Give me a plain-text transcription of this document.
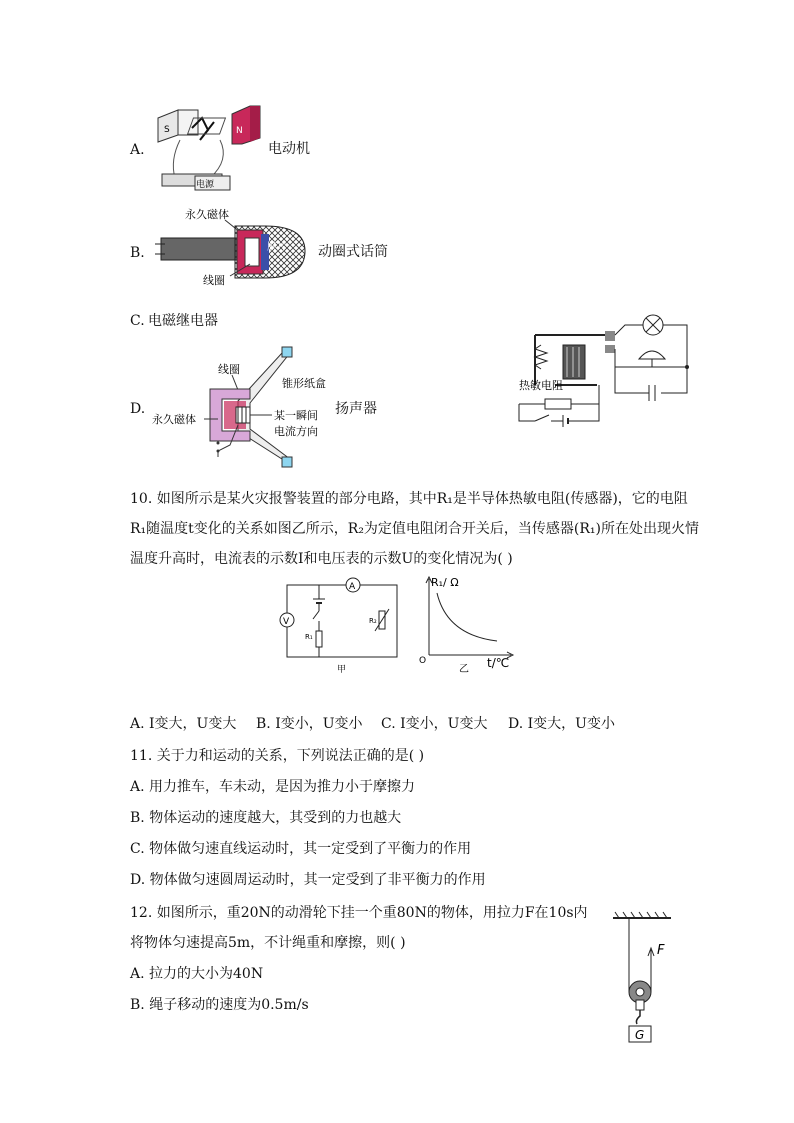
A.
S	N
电源
电动机
B.
永久磁体
膜片
线圈
动圈式话筒
C. 电磁继电器
热敏电阻
D.
线圈
锥形纸盒
永久磁体	某一瞬间
电流方向
扬声器
10. 如图所示是某火灾报警装置的部分电路，其中R₁是半导体热敏电阻(传感器)，它的电阻
R₁随温度t变化的关系如图乙所示，R₂为定值电阻闭合开关后，当传感器(R₁)所在处出现火情
温度升高时，电流表的示数I和电压表的示数U的变化情况为( )
A
V
R₁
R₂
甲
R₁/ Ω
O	t/℃
乙
A. I变大，U变大 B. I变小，U变小 C. I变小，U变大 D. I变大，U变小
11. 关于力和运动的关系，下列说法正确的是( )
A. 用力推车，车未动，是因为推力小于摩擦力
B. 物体运动的速度越大，其受到的力也越大
C. 物体做匀速直线运动时，其一定受到了平衡力的作用
D. 物体做匀速圆周运动时，其一定受到了非平衡力的作用
12. 如图所示，重20N的动滑轮下挂一个重80N的物体，用拉力F在10s内
将物体匀速提高5m，不计绳重和摩擦，则( )
A. 拉力的大小为40N
B. 绳子移动的速度为0.5m/s
F
G
